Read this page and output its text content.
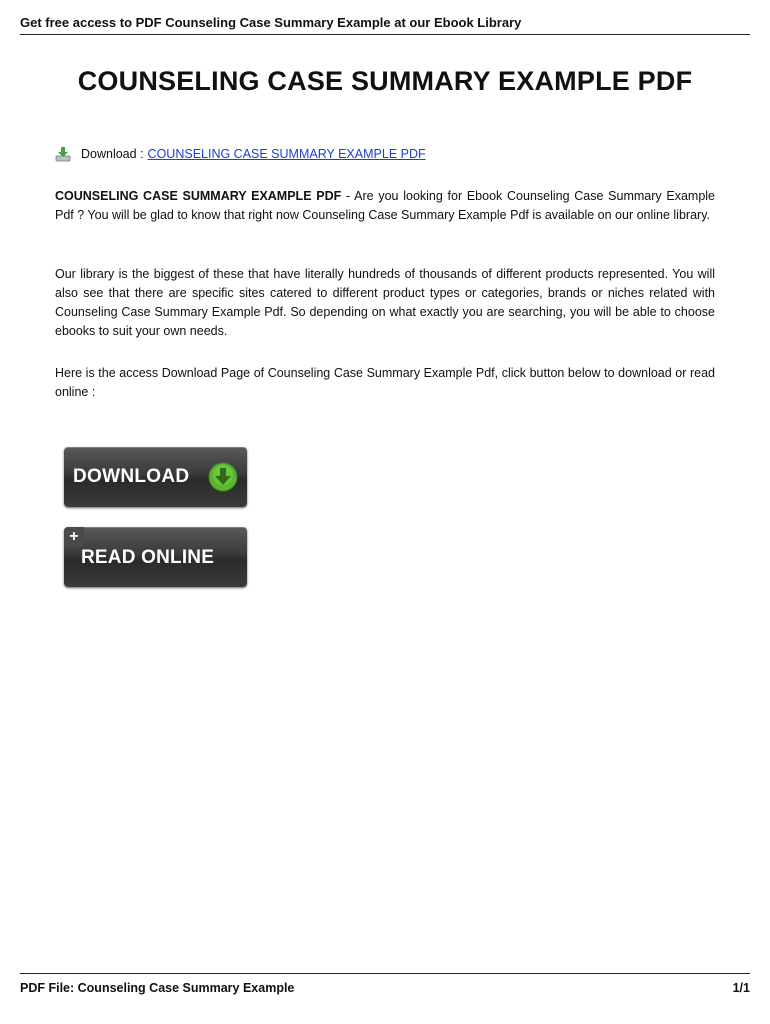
Get free access to PDF Counseling Case Summary Example at our Ebook Library
COUNSELING CASE SUMMARY EXAMPLE PDF
Download : COUNSELING CASE SUMMARY EXAMPLE PDF
COUNSELING CASE SUMMARY EXAMPLE PDF - Are you looking for Ebook Counseling Case Summary Example Pdf ? You will be glad to know that right now Counseling Case Summary Example Pdf is available on our online library.
Our library is the biggest of these that have literally hundreds of thousands of different products represented. You will also see that there are specific sites catered to different product types or categories, brands or niches related with Counseling Case Summary Example Pdf. So depending on what exactly you are searching, you will be able to choose ebooks to suit your own needs.
Here is the access Download Page of Counseling Case Summary Example Pdf, click button below to download or read online :
DOWNLOAD
+
READ ONLINE
PDF File: Counseling Case Summary Example	1/1
